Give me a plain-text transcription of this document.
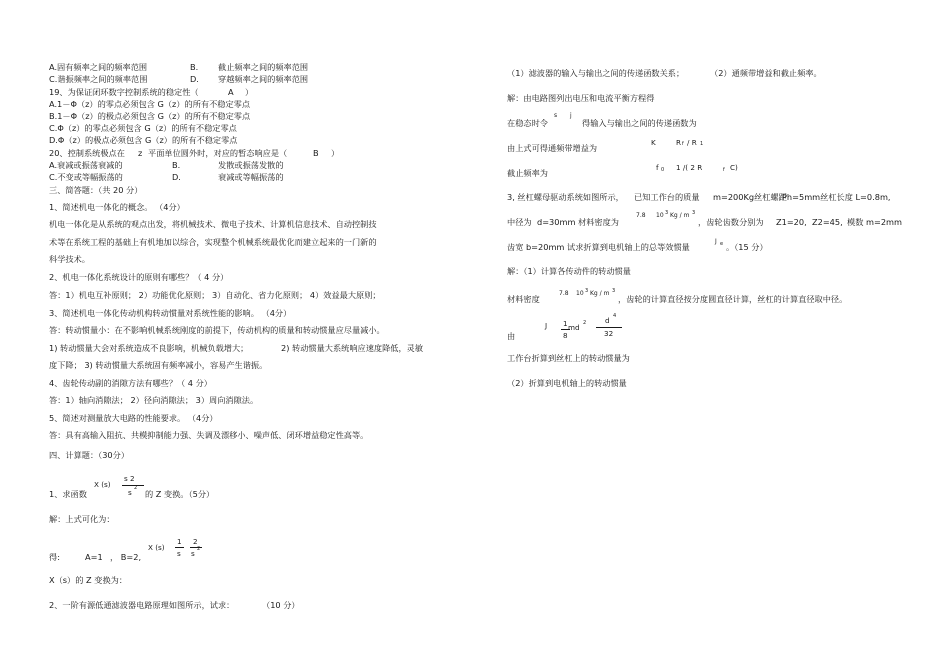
A.固有频率之间的频率范围	B. 截止频率之间的频率范围
C.谐振频率之间的频率范围	D. 穿越频率之间的频率范围
19、为保证闭环数字控制系统的稳定性（	A ）
A.1－Φ（z）的零点必须包含 G（z）的所有不稳定零点
B.1－Φ（z）的极点必须包含 G（z）的所有不稳定零点
C.Φ（z）的零点必须包含 G（z）的所有不稳定零点
D.Φ（z）的极点必须包含 G（z）的所有不稳定零点
20、控制系统极点在 z 平面单位圆外时，对应的暂态响应是（	B ）
A.衰减或振荡衰减的	B.	发散或振荡发散的
C.不变或等幅振荡的	D.	衰减或等幅振荡的
三、简答题：（共 20 分）
1、简述机电一体化的概念。 （4分）
机电一体化是从系统的观点出发，将机械技术、微电子技术、计算机信息技术、自动控制技
术等在系统工程的基础上有机地加以综合，实现整个机械系统最优化而建立起来的一门新的
科学技术。
2、机电一体化系统设计的原则有哪些？（ 4 分）
答：1）机电互补原则； 2）功能优化原则； 3）自动化、省力化原则； 4）效益最大原则；
3、简述机电一体化传动机构转动惯量对系统性能的影响。 （4分）
答：转动惯量小：在不影响机械系统刚度的前提下，传动机构的质量和转动惯量应尽量减小。
1) 转动惯量大会对系统造成不良影响，机械负载增大；	2) 转动惯量大系统响应速度降低，灵敏
度下降； 3) 转动惯量大系统固有频率减小，容易产生谐振。
4、齿轮传动副的消隙方法有哪些？（ 4 分）
答：1）轴向消隙法； 2）径向消隙法； 3）周向消隙法。
5、简述对测量放大电路的性能要求。 （4分）
答：具有高输入阻抗、共模抑制能力强、失调及漂移小、噪声低、闭环增益稳定性高等。
四、计算题：（30分）
X (s)
s 2
s 2
1、求函数	的 Z 变换。（5分）
解：上式可化为：
X (s)
1
s
2
s 2
得:	A=1 ， B=2,
X（s）的 Z 变换为：
2、一阶有源低通滤波器电路原理如图所示，试求：	（10 分）
（1）滤波器的输入与输出之间的传递函数关系；	（2）通频带增益和截止频率。
解：由电路图列出电压和电流平衡方程得
在稳态时令
s j
得输入与输出之间的传递函数为
由上式可得通频带增益为
K	R f / R 1
截止频率为
f 0 1 /( 2 R	f C)
3, 丝杠螺母驱动系统如图所示， 已知工作台的质量 m=200Kg丝杠螺距
Ph=5mm丝杠长度 L=0.8m,
中径为 d=30mm 材料密度为
7.8 10 3 Kg / m 3
，齿轮齿数分别为 Z1=20, Z2=45, 模数 m=2mm
齿宽 b=20mm 试求折算到电机轴上的总等效惯量
J e 。（15 分）
解：（1）计算各传动件的转动惯量
材料密度
7.8 10 3 Kg / m 3
，齿轮的计算直径按分度圆直径计算，丝杠的计算直径取中径。
J 1
8
md 2	d 4
32
由
工作台折算到丝杠上的转动惯量为
（2）折算到电机轴上的转动惯量
